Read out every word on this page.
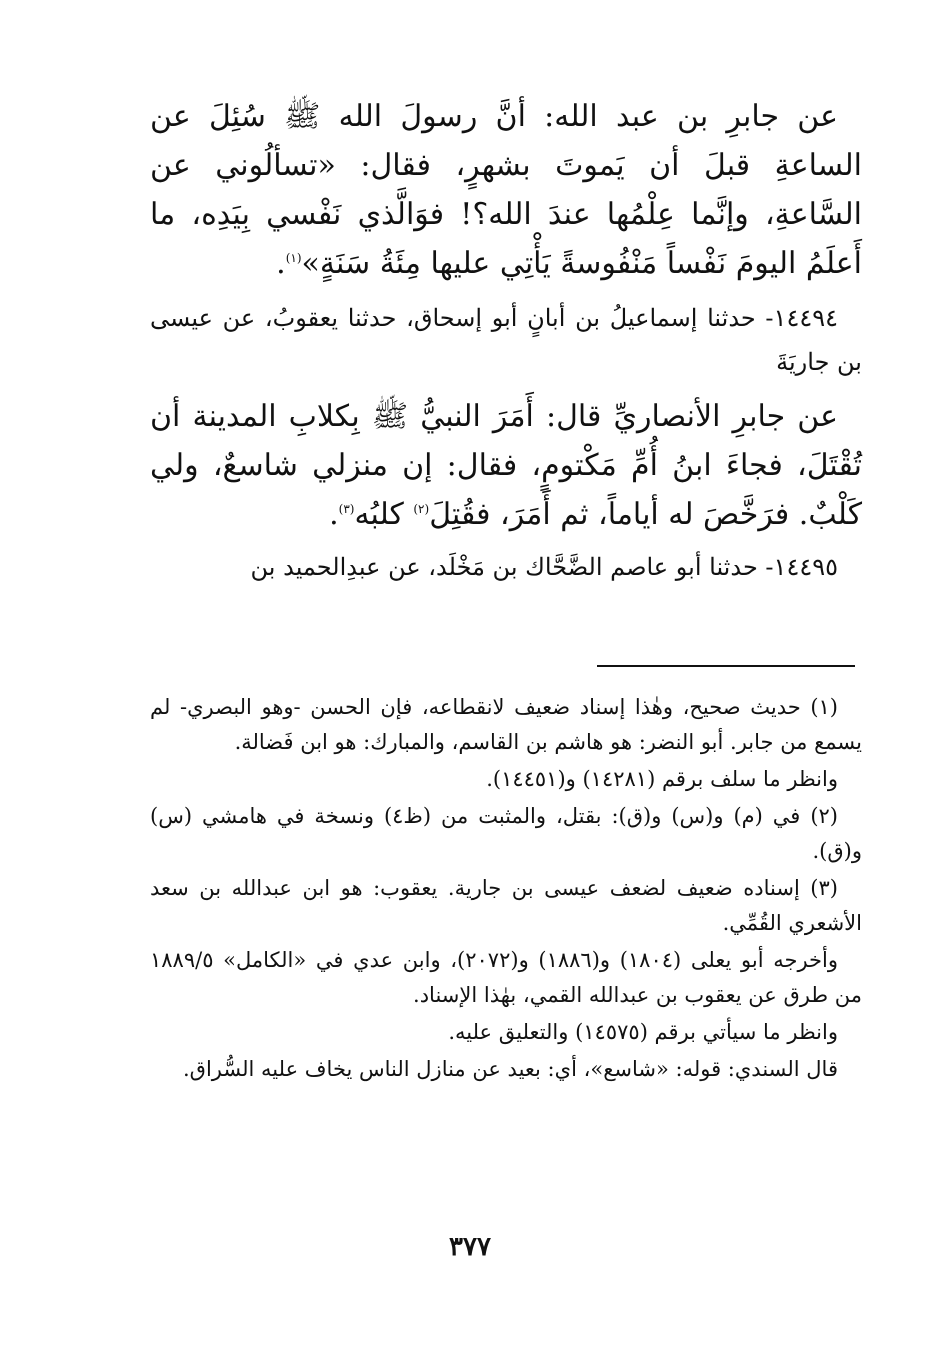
عن جابرِ بن عبد الله: أنَّ رسولَ الله ﷺ سُئِلَ عن الساعةِ قبلَ أن يَموتَ بشهرٍ، فقال: «تسألُوني عن السَّاعةِ، وإنَّما عِلْمُها عندَ الله؟! فوَالَّذي نَفْسي بِيَدِه، ما أَعلَمُ اليومَ نَفْساً مَنْفُوسةً يَأْتِي عليها مِئَةُ سَنَةٍ»$^{(١)}$.

١٤٤٩٤- حدثنا إسماعيلُ بن أبانٍ أبو إسحاق، حدثنا يعقوبُ، عن عيسى بن جاريَةَ

عن جابرِ الأنصاريِّ قال: أَمَرَ النبيُّ ﷺ بِكلابِ المدينة أن تُقْتَلَ، فجاءَ ابنُ أُمِّ مَكْتومٍ، فقال: إن منزلي شاسعٌ، ولي كَلْبٌ. فرَخَّصَ له أياماً، ثم أَمَرَ، فقُتِلَ$^{(٢)}$ كلبُه$^{(٣)}$.

١٤٤٩٥- حدثنا أبو عاصم الضَّحَّاك بن مَخْلَد، عن عبدِالحميد بن

(١) حديث صحيح، وهٰذا إسناد ضعيف لانقطاعه، فإن الحسن -وهو البصري- لم يسمع من جابر. أبو النضر: هو هاشم بن القاسم، والمبارك: هو ابن فَضالة.

وانظر ما سلف برقم (١٤٢٨١) و(١٤٤٥١).

(٢) في (م) و(س) و(ق): بقتل، والمثبت من (ظ٤) ونسخة في هامشي (س) و(ق).

(٣) إسناده ضعيف لضعف عيسى بن جارية. يعقوب: هو ابن عبدالله بن سعد الأشعري القُمِّي.

وأخرجه أبو يعلى (١٨٠٤) و(١٨٨٦) و(٢٠٧٢)، وابن عدي في «الكامل» ١٨٨٩/٥ من طرق عن يعقوب بن عبدالله القمي، بهٰذا الإسناد.

وانظر ما سيأتي برقم (١٤٥٧٥) والتعليق عليه.

قال السندي: قوله: «شاسع»، أي: بعيد عن منازل الناس يخاف عليه السُّراق.

٣٧٧
